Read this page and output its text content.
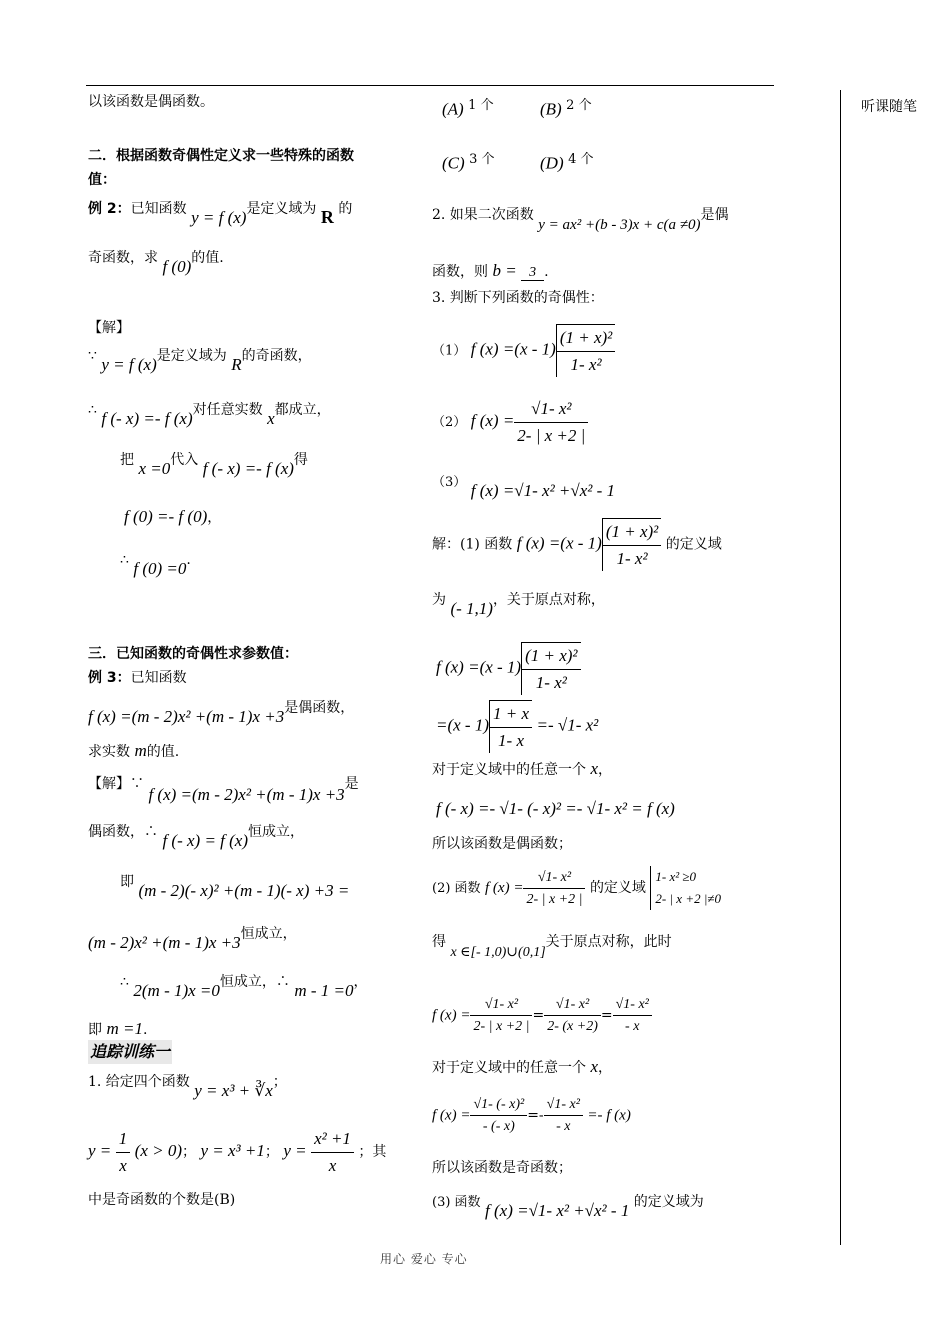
听课随笔
以该函数是偶函数。
二．根据函数奇偶性定义求一些特殊的函数
值：
例 2：已知函数 y = f (x)是定义域为 R 的
奇函数，求 f (0)的值.
【解】
∵ y = f (x)是定义域为 R的奇函数，
∴ f (- x) =- f (x)对任意实数 x都成立，
把 x =0代入 f (- x) =- f (x)得
f (0) =- f (0)，
∴ f (0) =0.
三．已知函数的奇偶性求参数值：
例 3：已知函数
f (x) =(m - 2)x² +(m - 1)x +3是偶函数，
求实数 m的值.
【解】∵ f (x) =(m - 2)x² +(m - 1)x +3是
偶函数，∴ f (- x) = f (x)恒成立，
即 (m - 2)(- x)² +(m - 1)(- x) +3 =
(m - 2)x² +(m - 1)x +3恒成立，
∴ 2(m - 1)x =0恒成立，∴ m - 1 =0，
即 m =1.
追踪训练一
1. 给定四个函数 y = x³ + ∛x；
$y = \frac{1}{x} (x > 0)$； y = x³ +1； $y = \frac{\text{x² +1}}{x}$ ；其
中是奇函数的个数是(B)
(A) 1 个	(B) 2 个
(C) 3 个	(D) 4 个
2. 如果二次函数 y = ax² +(b - 3)x + c(a ≠0)是偶
函数，则 b = 3 .
3. 判断下列函数的奇偶性：
（1） f $(x) =(x - 1) \frac{\text{(1 + x)²}}{\text{1- x²}}$
（2） f $(x) = \frac{\text{√1- x²}}{2- | x +2 |}$
（3） f (x) =√1- x² +√x² - 1
解：(1) 函数 f $(x) =(x - 1) \frac{\text{(1 + x)²}}{\text{1- x²}}$ 的定义域
为 (- 1,1)，关于原点对称，
f $(x) =(x - 1) \frac{\text{(1 + x)²}}{\text{1- x²}}$
$=(x - 1) \frac{1 + x}{1- x} =- √1-$ x²
对于定义域中的任意一个 x，
f (- x) =- √1- (- x)² =- √1- x² = f (x)
所以该函数是偶函数；
(2) 函数 f $(x) = \frac{\text{√1- x²}}{2- | x +2 |}$ 的定义域
1- x² ≥0
2- | x +2 |≠0
得 x ∈[- 1,0)∪(0,1]关于原点对称，此时
f $(x) = \frac{\text{√1- x²}}{2- | x +2 |} = \frac{\text{√1- x²}}{2- (x +2)} = \frac{\text{√1- x²}}{- x}$
对于定义域中的任意一个 x，
f $(x) = \frac{\text{√1- (- x)²}}{- (- x)} =- \frac{\text{√1- x²}}{- x} =- f$ (x)
所以该函数是奇函数；
(3) 函数 f (x) =√1- x² +√x² - 1 的定义域为
用心 爱心 专心
